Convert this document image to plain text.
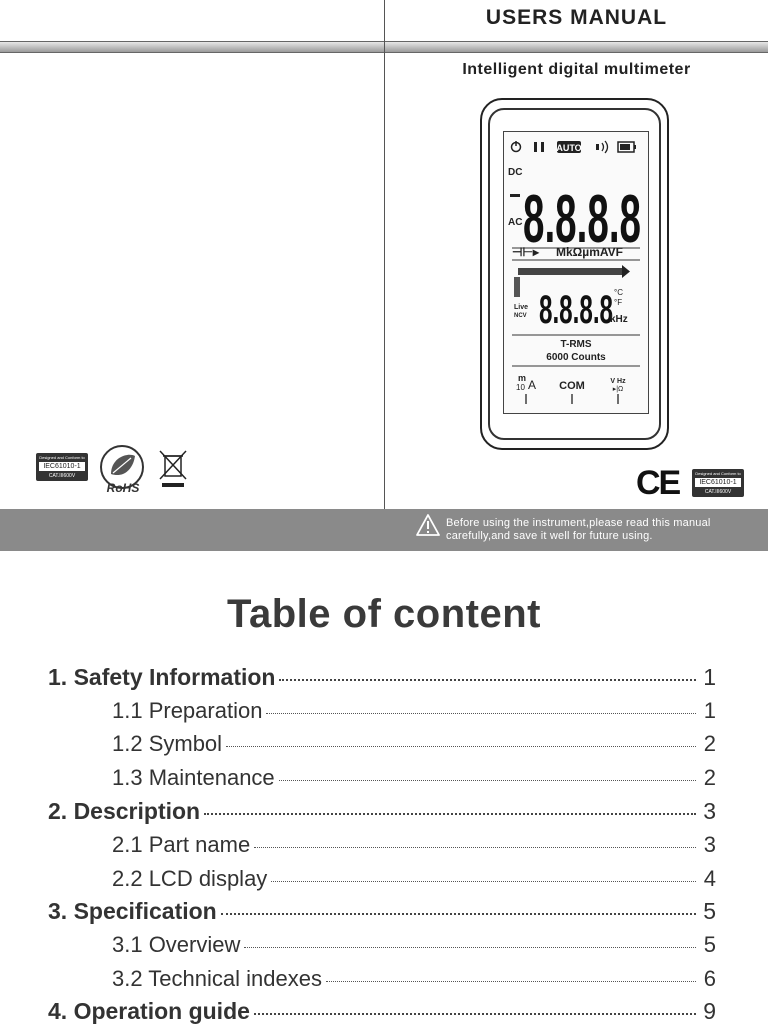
USERS MANUAL
Intelligent digital multimeter
Designed and Conform to
IEC61010-1
CAT.III600V
RoHS	CE	Designed and Conform to
IEC61010-1
CAT.III600V
AUTO
DC
AC 8.8.8.8
⊣⊢▸ MkΩµmAVF
Live
NCV 8.8.8.8 °C
°F
kHz
T-RMS
6000 Counts
m
10 A COM	V Hz
▸|Ω
Before using the instrument,please read this manual carefully,and save it well for future using.
Table of content
1. Safety Information	1
1.1 Preparation	1
1.2 Symbol	2
1.3 Maintenance	2
2. Description	3
2.1 Part name	3
2.2 LCD display	4
3. Specification	5
3.1 Overview	5
3.2 Technical indexes	6
4. Operation guide	9
